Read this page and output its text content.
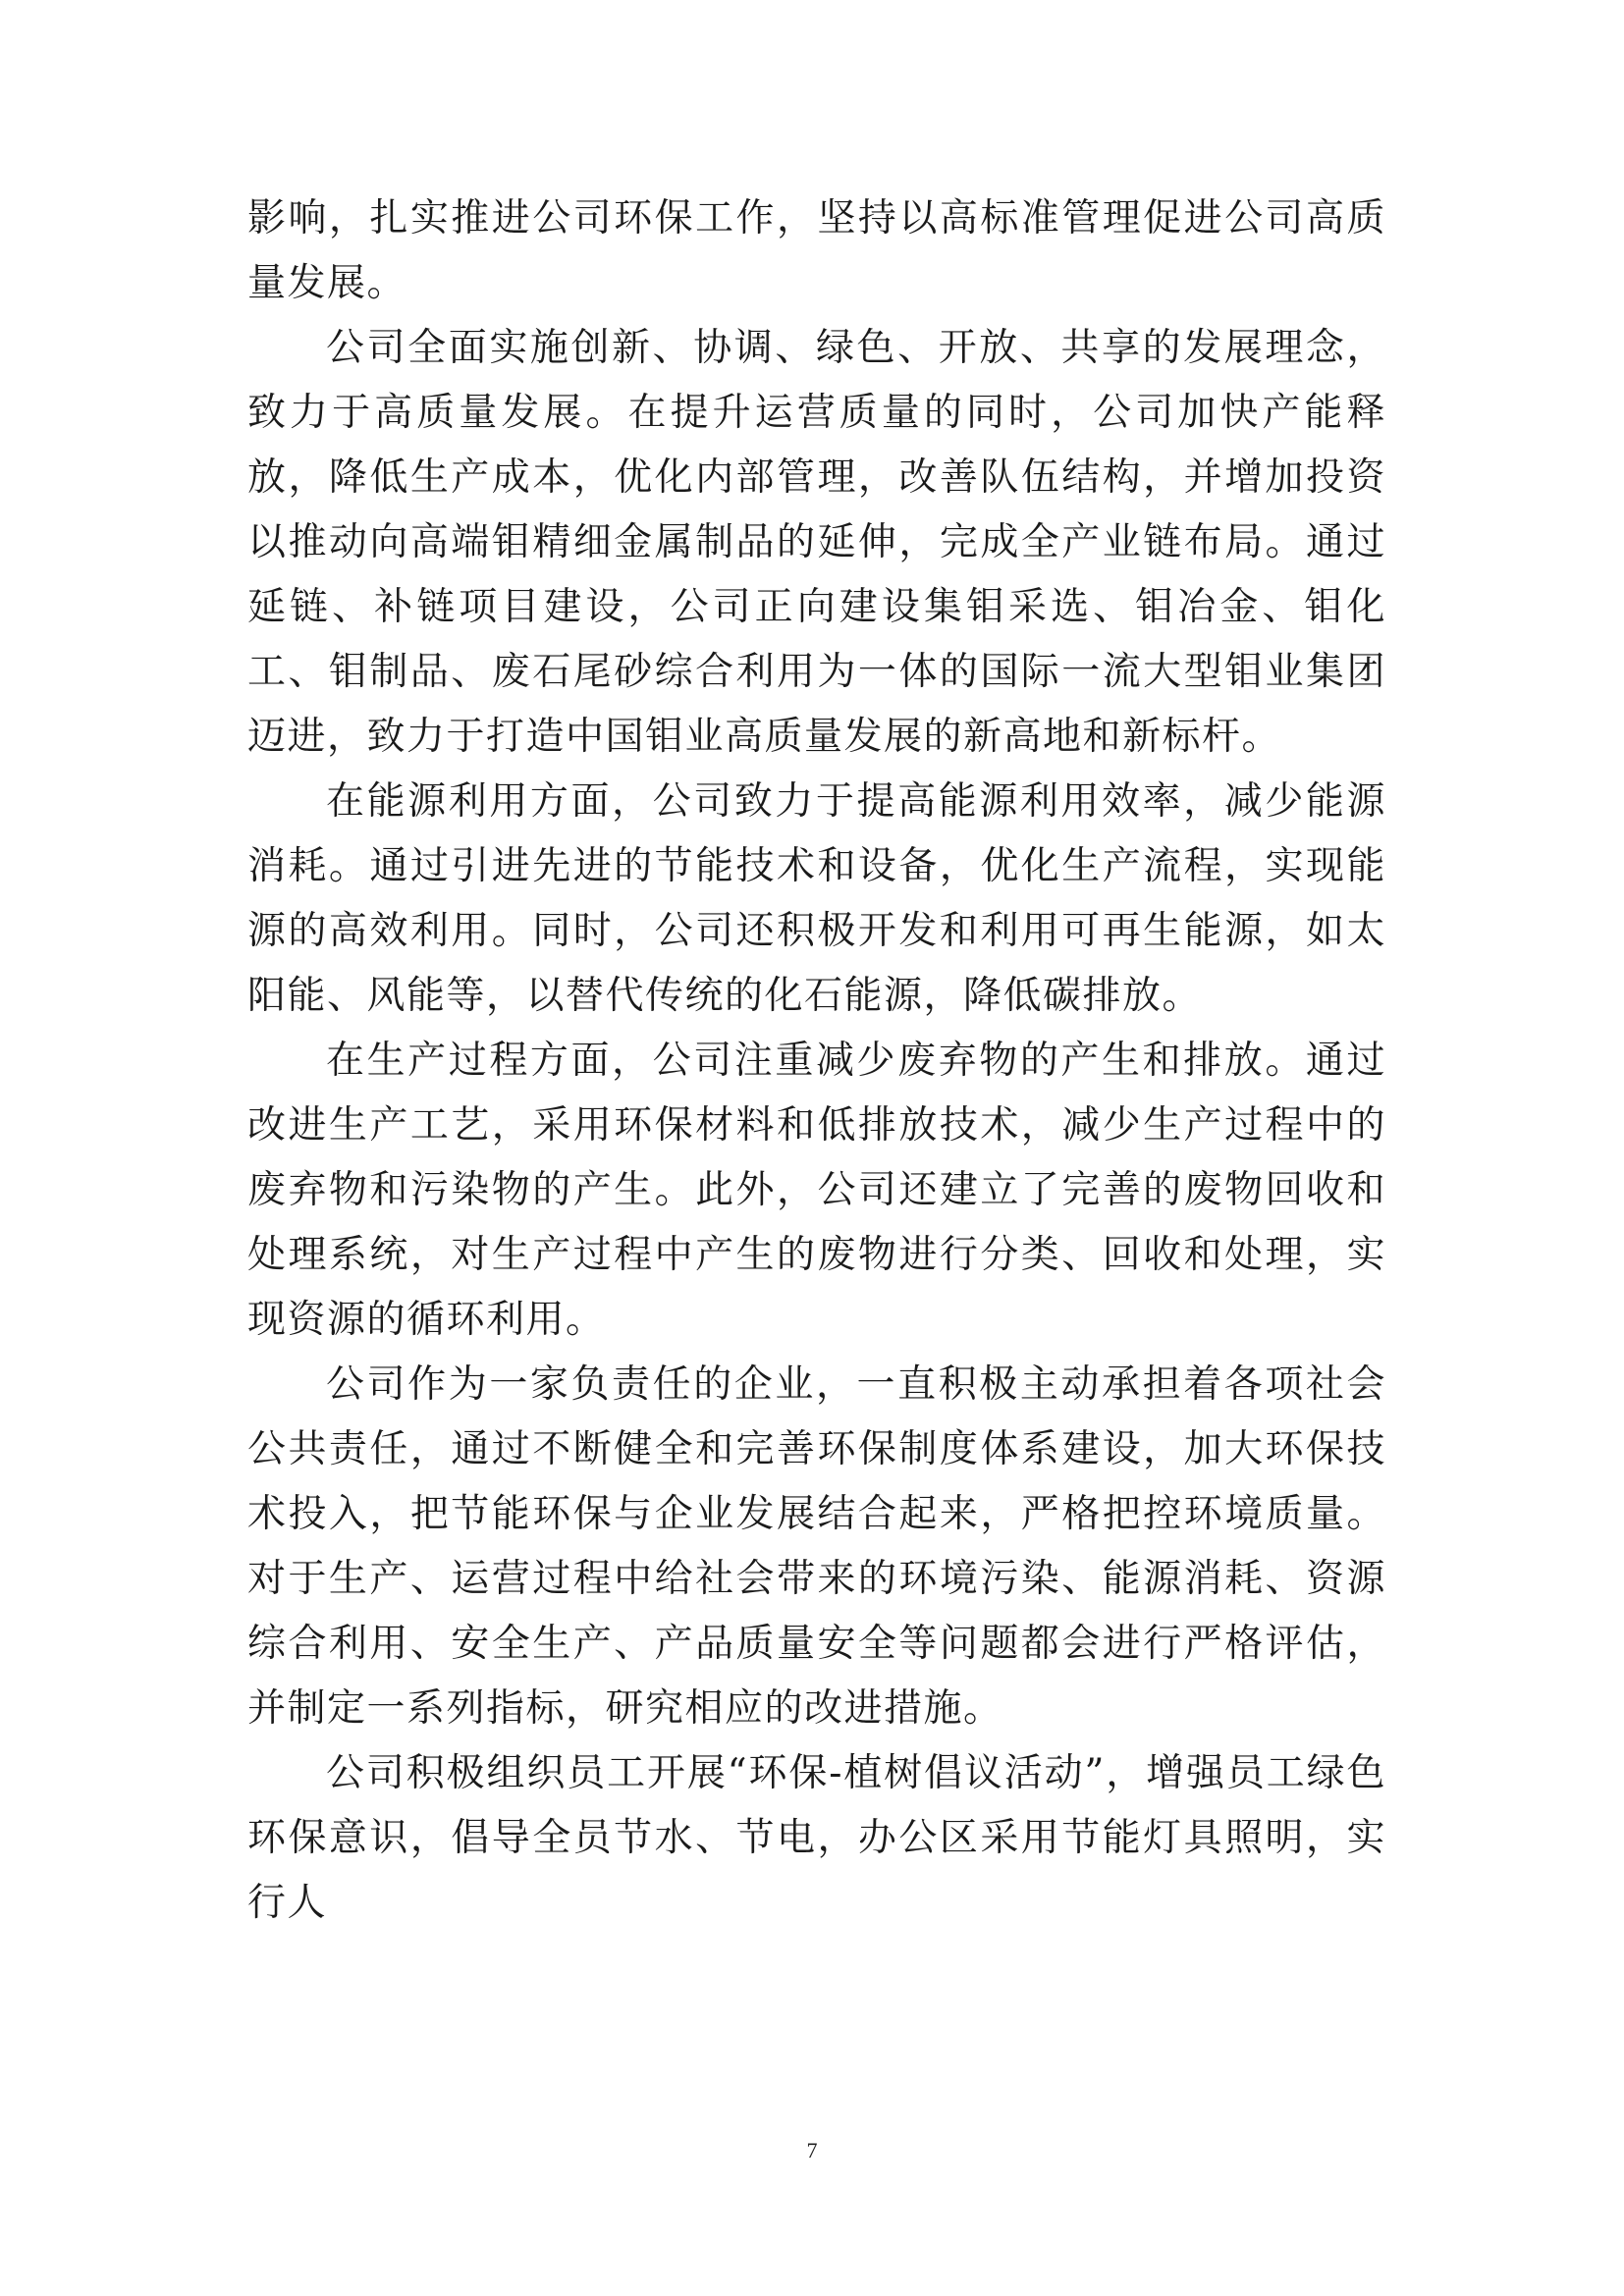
影响，扎实推进公司环保工作，坚持以高标准管理促进公司高质量发展。

公司全面实施创新、协调、绿色、开放、共享的发展理念，致力于高质量发展。在提升运营质量的同时，公司加快产能释放，降低生产成本，优化内部管理，改善队伍结构，并增加投资以推动向高端钼精细金属制品的延伸，完成全产业链布局。通过延链、补链项目建设，公司正向建设集钼采选、钼冶金、钼化工、钼制品、废石尾砂综合利用为一体的国际一流大型钼业集团迈进，致力于打造中国钼业高质量发展的新高地和新标杆。

在能源利用方面，公司致力于提高能源利用效率，减少能源消耗。通过引进先进的节能技术和设备，优化生产流程，实现能源的高效利用。同时，公司还积极开发和利用可再生能源，如太阳能、风能等，以替代传统的化石能源，降低碳排放。

在生产过程方面，公司注重减少废弃物的产生和排放。通过改进生产工艺，采用环保材料和低排放技术，减少生产过程中的废弃物和污染物的产生。此外，公司还建立了完善的废物回收和处理系统，对生产过程中产生的废物进行分类、回收和处理，实现资源的循环利用。

公司作为一家负责任的企业，一直积极主动承担着各项社会公共责任，通过不断健全和完善环保制度体系建设，加大环保技术投入，把节能环保与企业发展结合起来，严格把控环境质量。对于生产、运营过程中给社会带来的环境污染、能源消耗、资源综合利用、安全生产、产品质量安全等问题都会进行严格评估，并制定一系列指标，研究相应的改进措施。

公司积极组织员工开展“环保-植树倡议活动”，增强员工绿色环保意识，倡导全员节水、节电，办公区采用节能灯具照明，实行人

7
